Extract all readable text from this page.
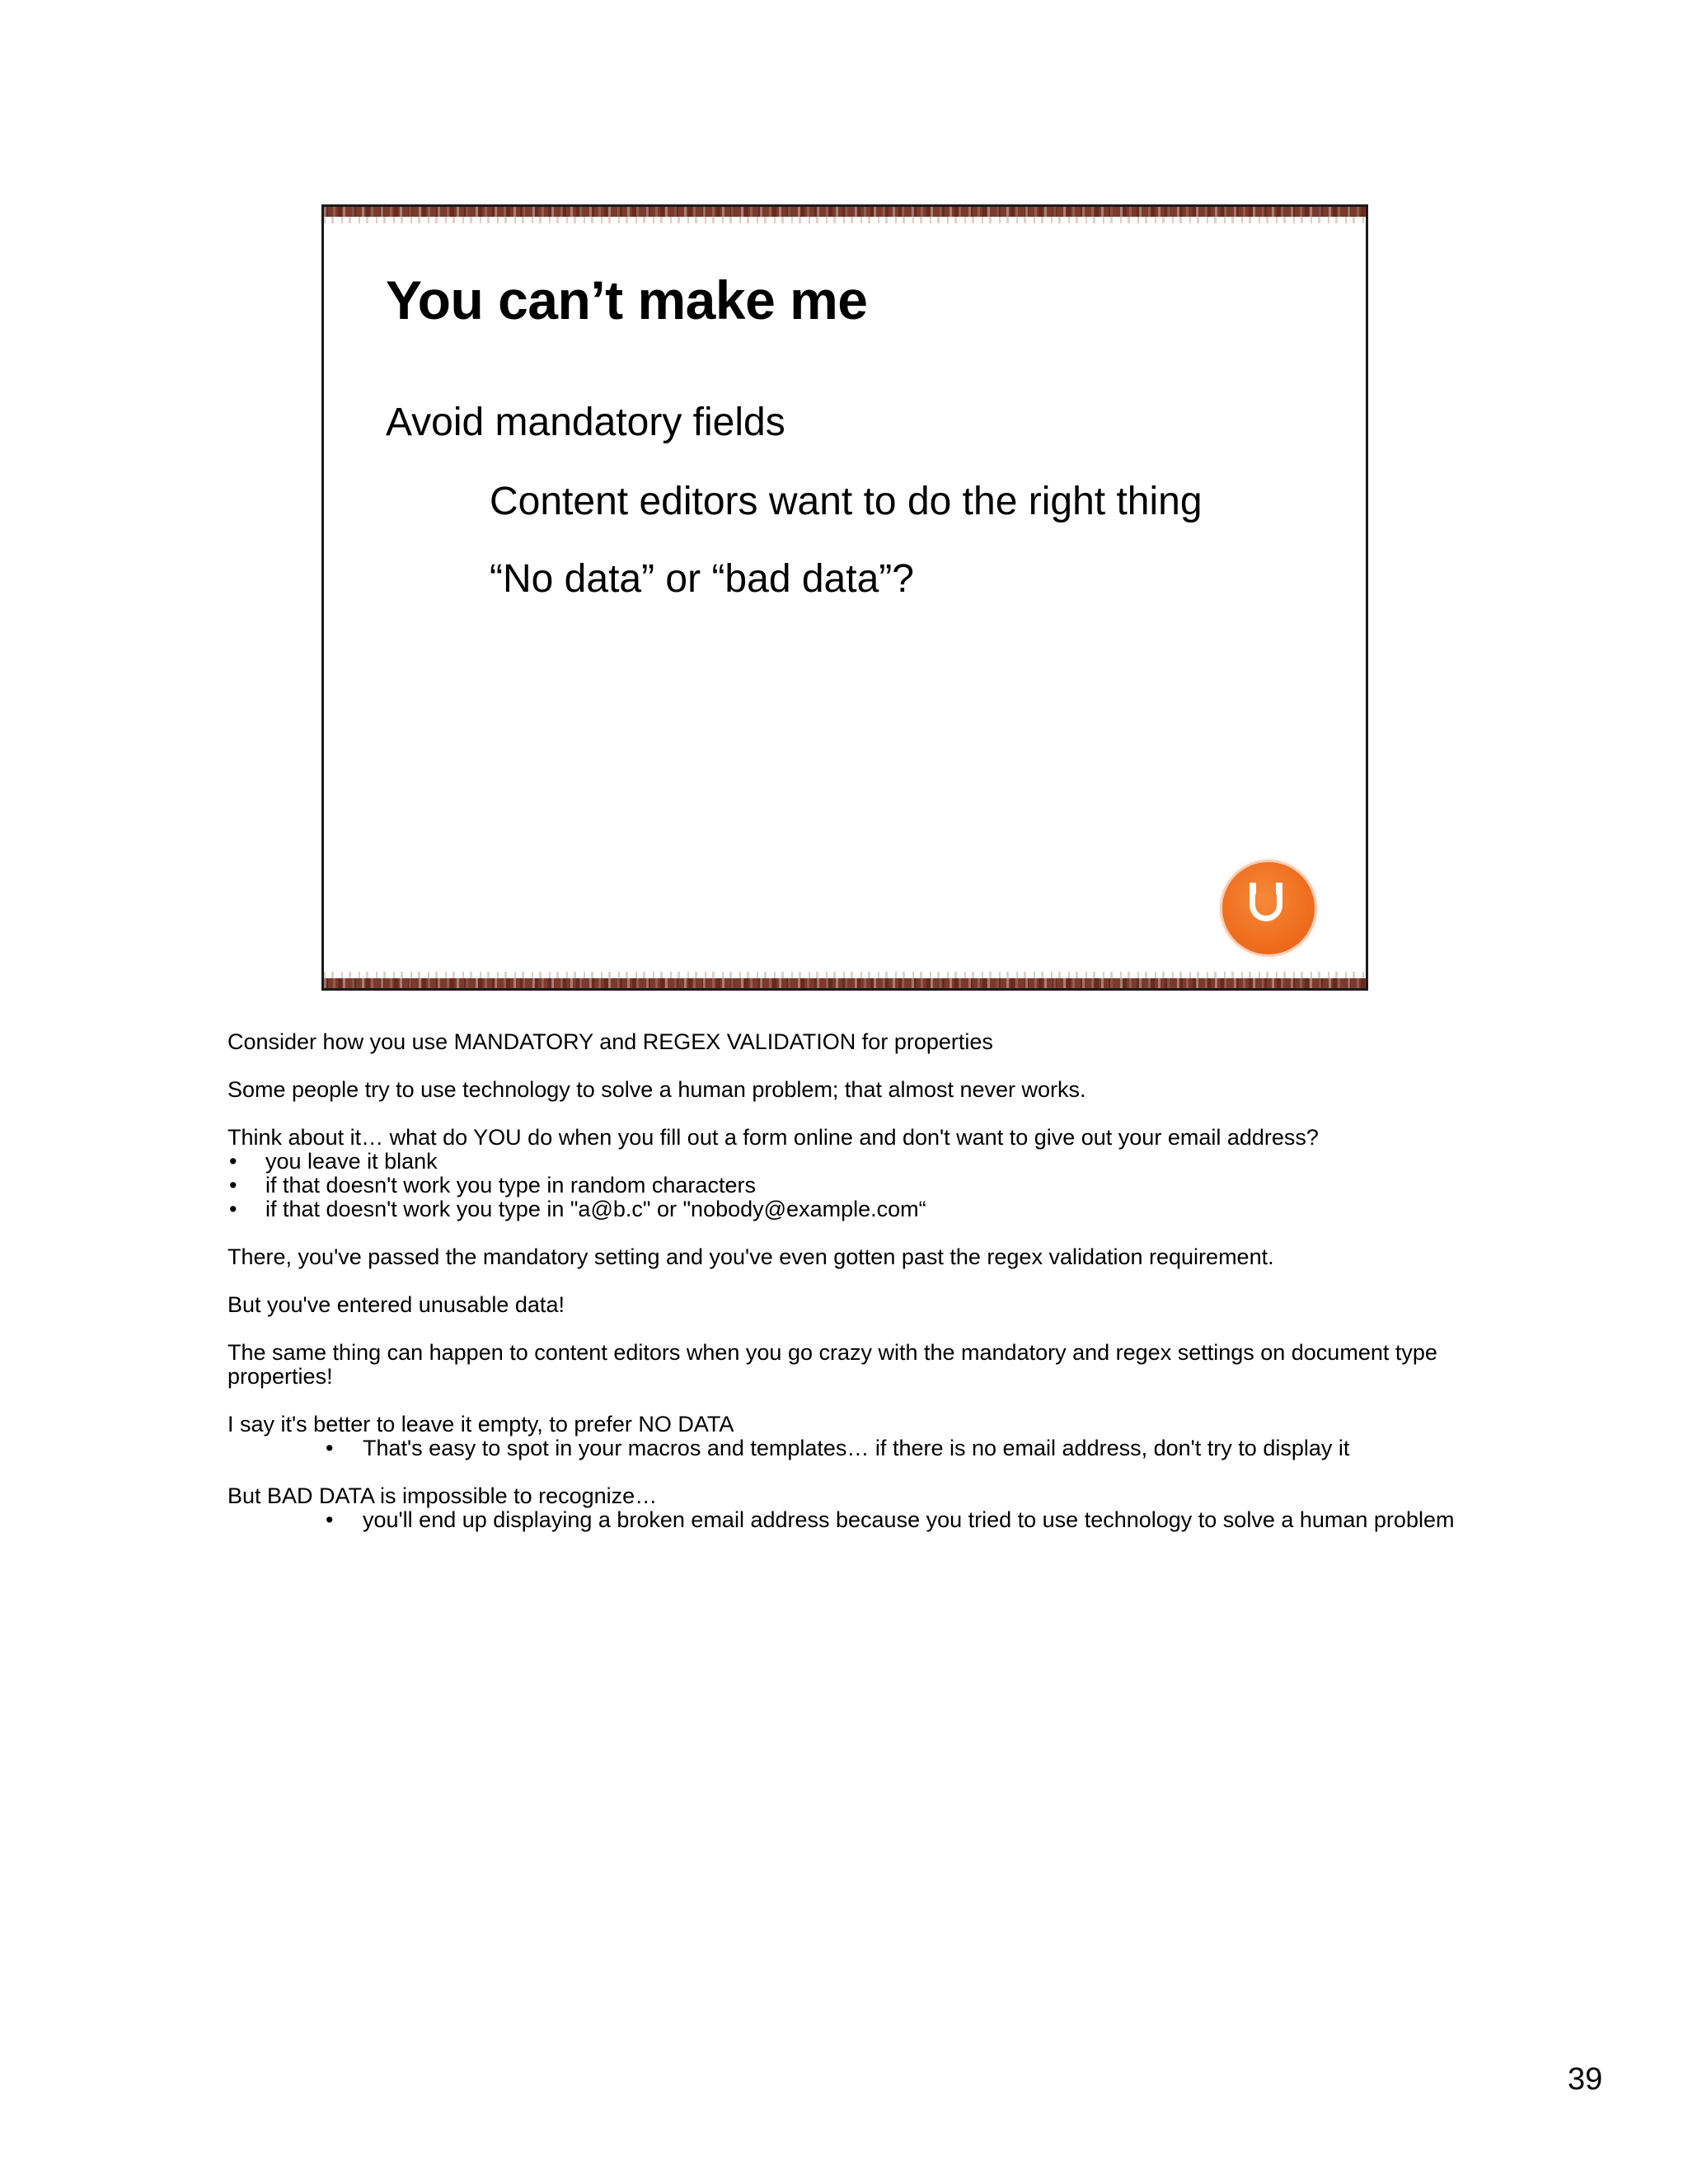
You can’t make me
Avoid mandatory fields
Content editors want to do the right thing
“No data” or “bad data”?

Consider how you use MANDATORY and REGEX VALIDATION for properties

Some people try to use technology to solve a human problem; that almost never works.

Think about it… what do YOU do when you fill out a form online and don't want to give out your email address?

• you leave it blank
• if that doesn't work you type in random characters
• if that doesn't work you type in "a@b.c" or "nobody@example.com“

There, you've passed the mandatory setting and you've even gotten past the regex validation requirement.

But you've entered unusable data!

The same thing can happen to content editors when you go crazy with the mandatory and regex settings on document type properties!

I say it's better to leave it empty, to prefer NO DATA

• That's easy to spot in your macros and templates… if there is no email address, don't try to display it

But BAD DATA is impossible to recognize…

• you'll end up displaying a broken email address because you tried to use technology to solve a human problem
39
